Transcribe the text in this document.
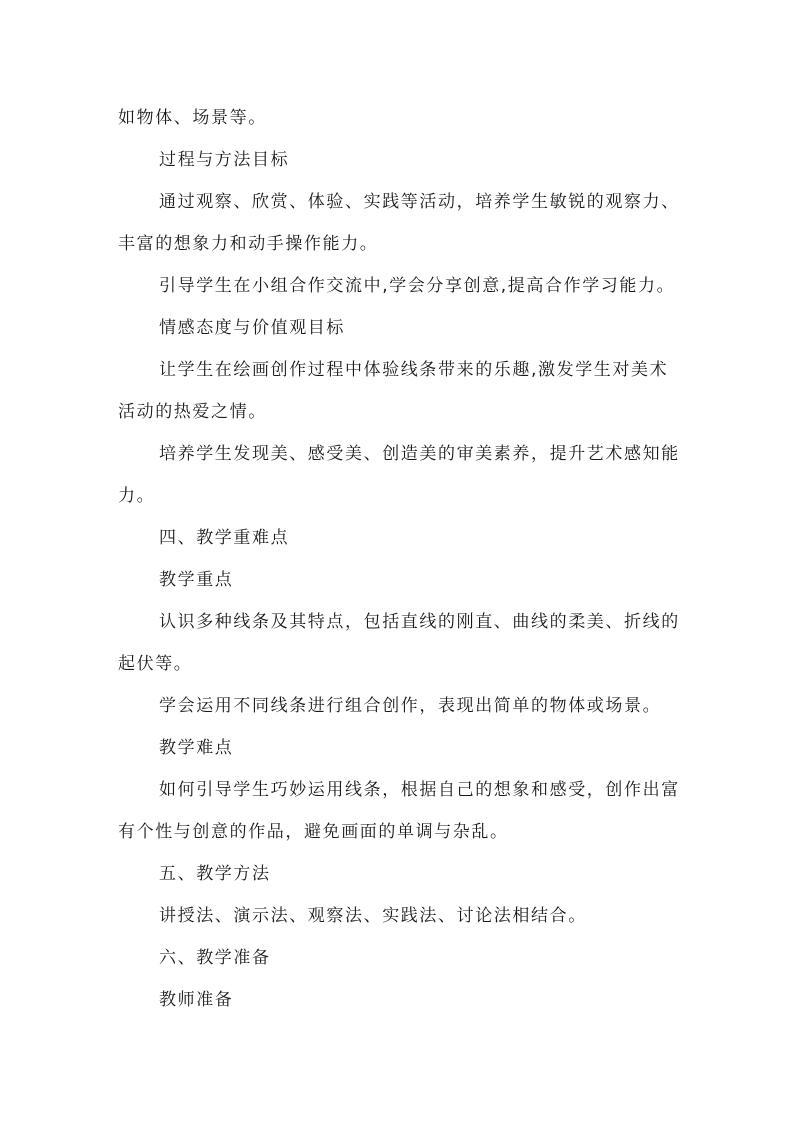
如物体、场景等。
过程与方法目标
通过观察、欣赏、体验、实践等活动，培养学生敏锐的观察力、
丰富的想象力和动手操作能力。
引导学生在小组合作交流中,学会分享创意,提高合作学习能力。
情感态度与价值观目标
让学生在绘画创作过程中体验线条带来的乐趣,激发学生对美术
活动的热爱之情。
培养学生发现美、感受美、创造美的审美素养，提升艺术感知能
力。
四、教学重难点
教学重点
认识多种线条及其特点，包括直线的刚直、曲线的柔美、折线的
起伏等。
学会运用不同线条进行组合创作，表现出简单的物体或场景。
教学难点
如何引导学生巧妙运用线条，根据自己的想象和感受，创作出富
有个性与创意的作品，避免画面的单调与杂乱。
五、教学方法
讲授法、演示法、观察法、实践法、讨论法相结合。
六、教学准备
教师准备
